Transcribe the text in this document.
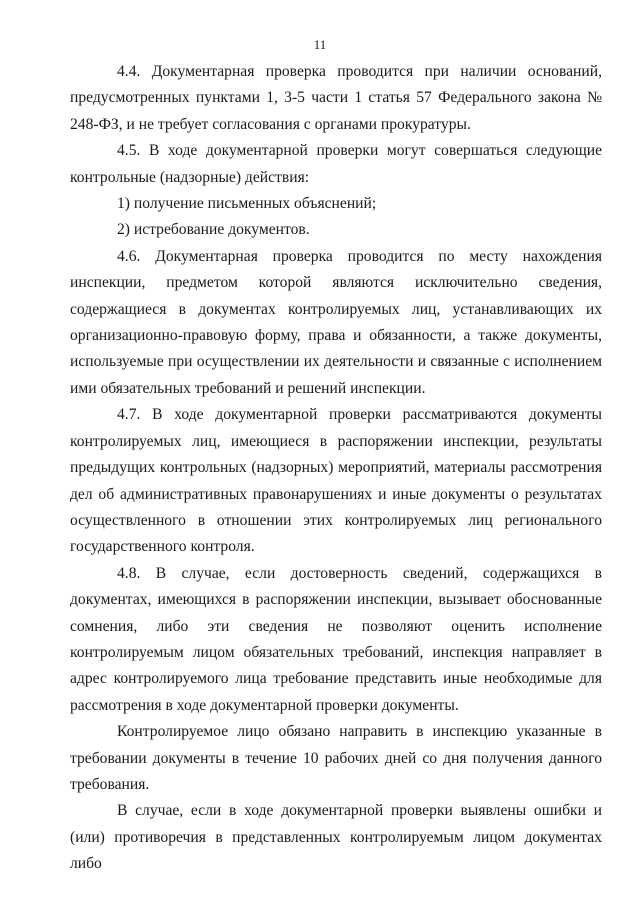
11

4.4. Документарная проверка проводится при наличии оснований, предусмотренных пунктами 1, 3-5 части 1 статья 57 Федерального закона № 248-ФЗ, и не требует согласования с органами прокуратуры.

4.5. В ходе документарной проверки могут совершаться следующие контрольные (надзорные) действия:

1) получение письменных объяснений;

2) истребование документов.

4.6. Документарная проверка проводится по месту нахождения инспекции, предметом которой являются исключительно сведения, содержащиеся в документах контролируемых лиц, устанавливающих их организационно-правовую форму, права и обязанности, а также документы, используемые при осуществлении их деятельности и связанные с исполнением ими обязательных требований и решений инспекции.

4.7. В ходе документарной проверки рассматриваются документы контролируемых лиц, имеющиеся в распоряжении инспекции, результаты предыдущих контрольных (надзорных) мероприятий, материалы рассмотрения дел об административных правонарушениях и иные документы о результатах осуществленного в отношении этих контролируемых лиц регионального государственного контроля.

4.8. В случае, если достоверность сведений, содержащихся в документах, имеющихся в распоряжении инспекции, вызывает обоснованные сомнения, либо эти сведения не позволяют оценить исполнение контролируемым лицом обязательных требований, инспекция направляет в адрес контролируемого лица требование представить иные необходимые для рассмотрения в ходе документарной проверки документы.

Контролируемое лицо обязано направить в инспекцию указанные в требовании документы в течение 10 рабочих дней со дня получения данного требования.

В случае, если в ходе документарной проверки выявлены ошибки и (или) противоречия в представленных контролируемым лицом документах либо
